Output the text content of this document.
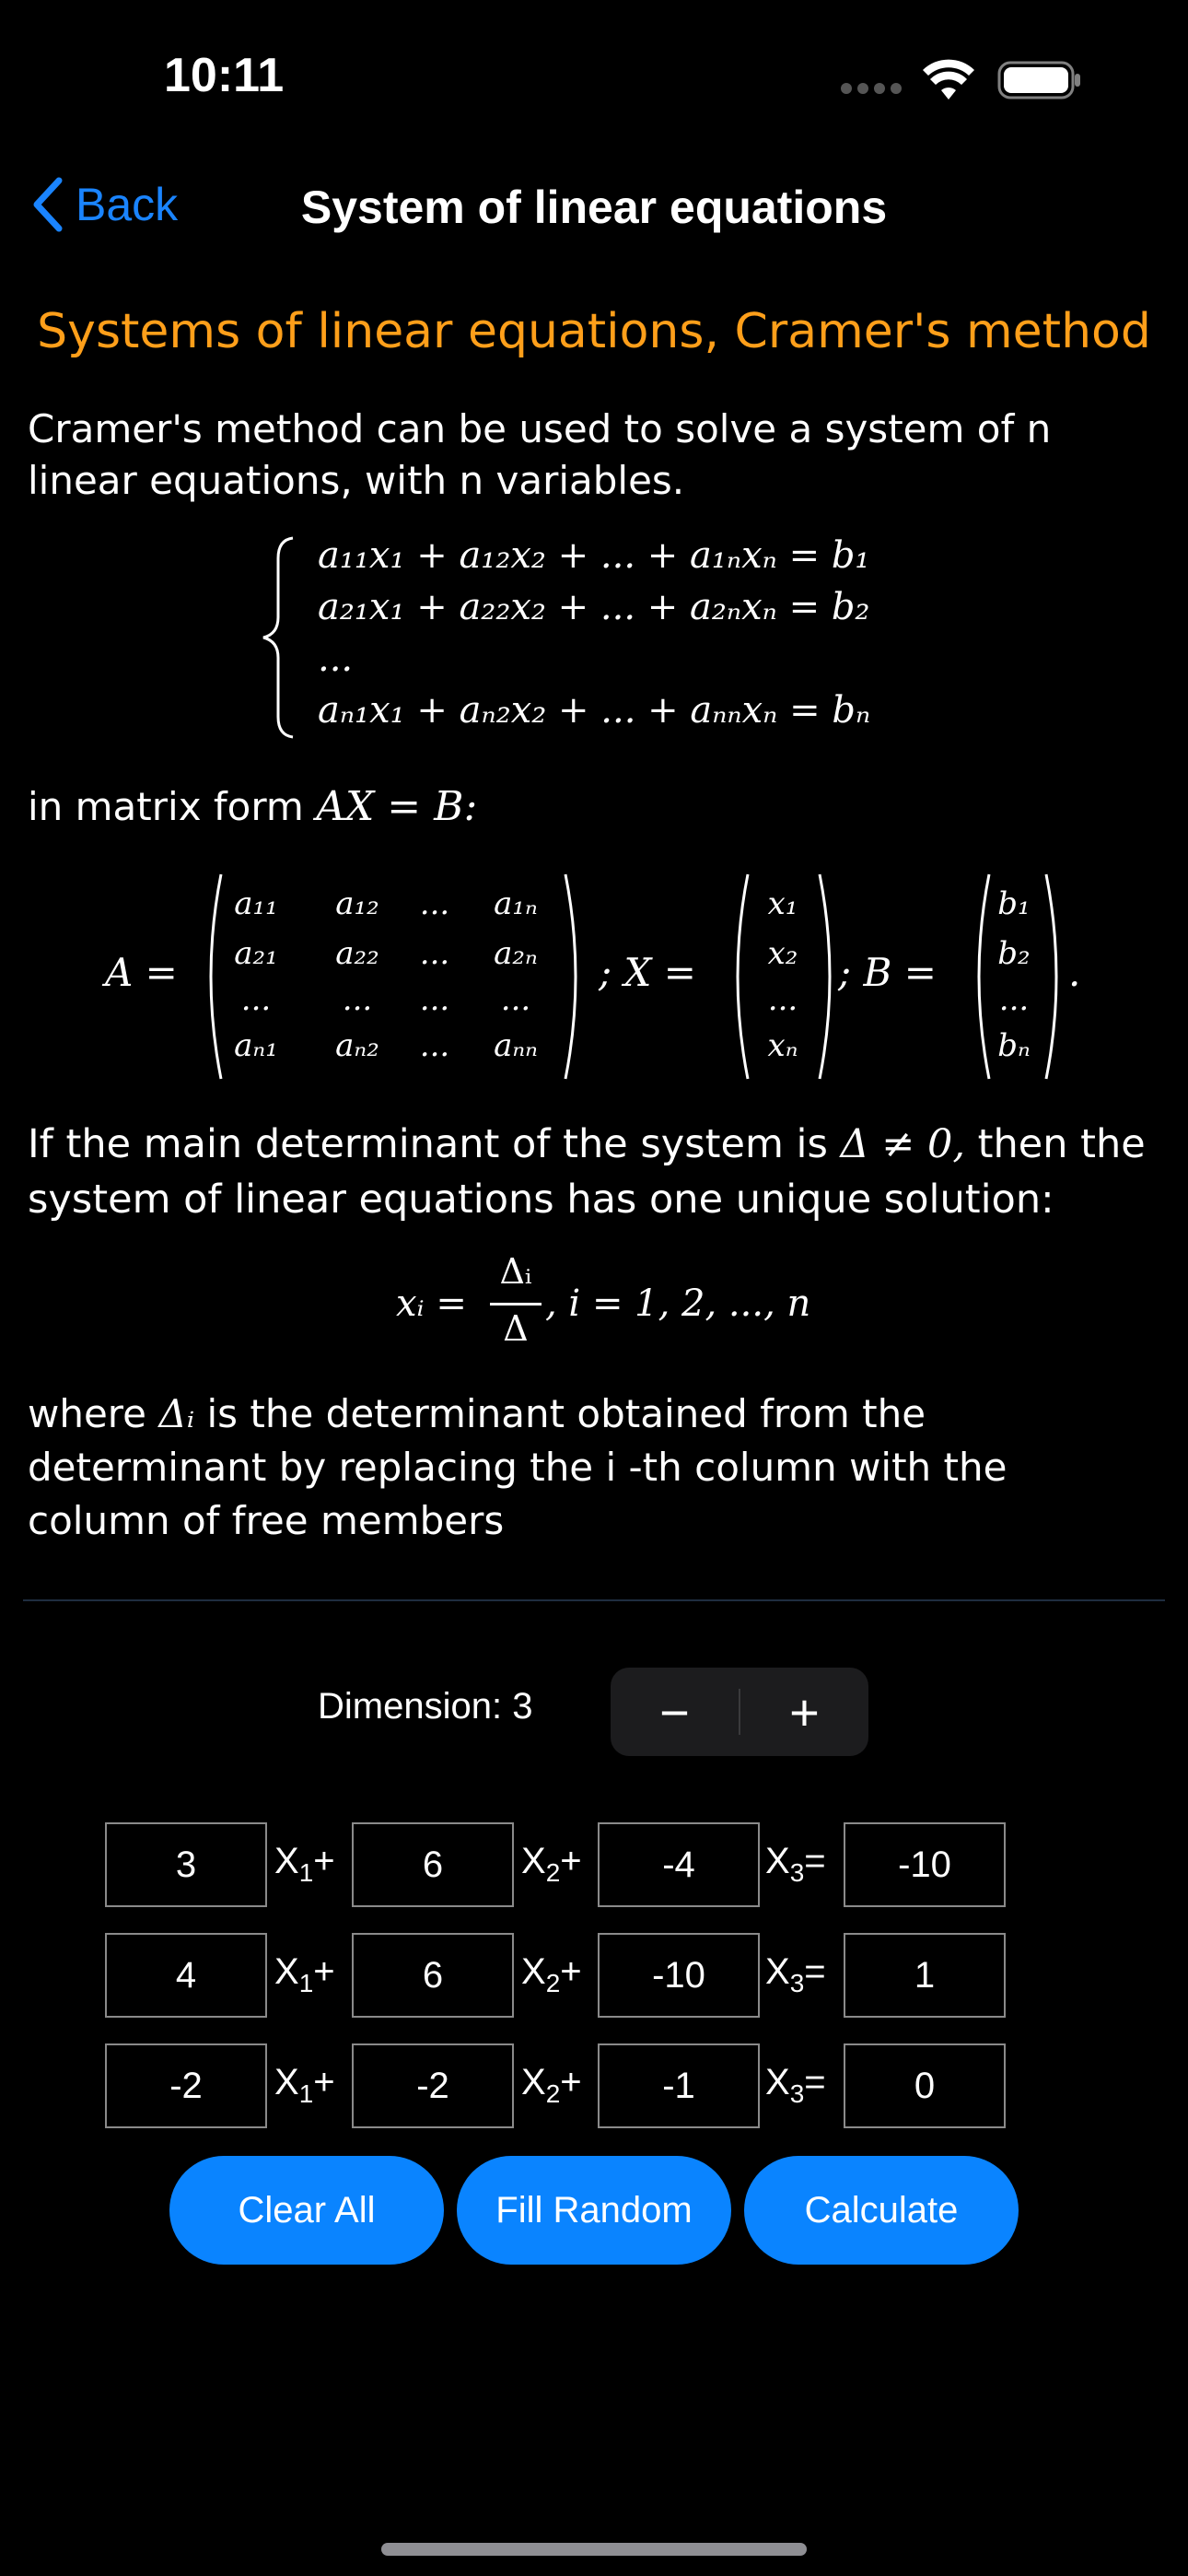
10:11
Back	System of linear equations
Systems of linear equations, Cramer's method
Cramer's method can be used to solve a system of n linear equations, with n variables.
a₁₁x₁ + a₁₂x₂ + ... + a₁ₙxₙ = b₁
a₂₁x₁ + a₂₂x₂ + ... + a₂ₙxₙ = b₂
...
aₙ₁x₁ + aₙ₂x₂ + ... + aₙₙxₙ = bₙ
in matrix form AX = B:
A =
a₁₁	a₁₂	...	a₁ₙ
a₂₁	a₂₂	...	a₂ₙ
...	...	...	...
aₙ₁	aₙ₂	...	aₙₙ
; X =
x₁
x₂
...
xₙ
; B =
b₁
b₂
...
bₙ
.
If the main determinant of the system is Δ ≠ 0, then the system of linear equations has one unique solution:
xᵢ =
Δᵢ
Δ
, i = 1, 2, ..., n
where Δᵢ is the determinant obtained from the determinant by replacing the i -th column with the column of free members
Dimension: 3 − +
3	$X_1+$	6	$X_2+$	-4	$X_3=$	-10
4	$X_1+$	6	$X_2+$	-10	$X_3=$	1
-2	$X_1+$	-2	$X_2+$	-1	$X_3=$	0
Clear All	Fill Random	Calculate
